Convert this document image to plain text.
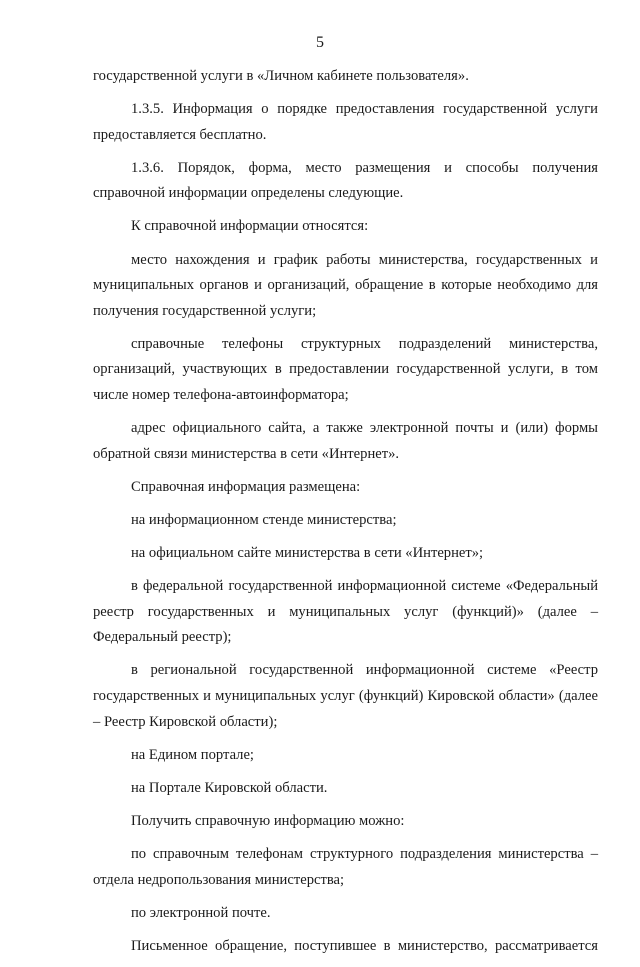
5

государственной услуги в «Личном кабинете пользователя».

1.3.5. Информация о порядке предоставления государственной услуги предоставляется бесплатно.

1.3.6. Порядок, форма, место размещения и способы получения справочной информации определены следующие.

К справочной информации относятся:

место нахождения и график работы министерства, государственных и муниципальных органов и организаций, обращение в которые необходимо для получения государственной услуги;

справочные телефоны структурных подразделений министерства, организаций, участвующих в предоставлении государственной услуги, в том числе номер телефона-автоинформатора;

адрес официального сайта, а также электронной почты и (или) формы обратной связи министерства в сети «Интернет».

Справочная информация размещена:

на информационном стенде министерства;

на официальном сайте министерства в сети «Интернет»;

в федеральной государственной информационной системе «Федеральный реестр государственных и муниципальных услуг (функций)» (далее – Федеральный реестр);

в региональной государственной информационной системе «Реестр государственных и муниципальных услуг (функций) Кировской области» (далее – Реестр Кировской области);

на Едином портале;

на Портале Кировской области.

Получить справочную информацию можно:

по справочным телефонам структурного подразделения министерства – отдела недропользования министерства;

по электронной почте.

Письменное обращение, поступившее в министерство, рассматривается
